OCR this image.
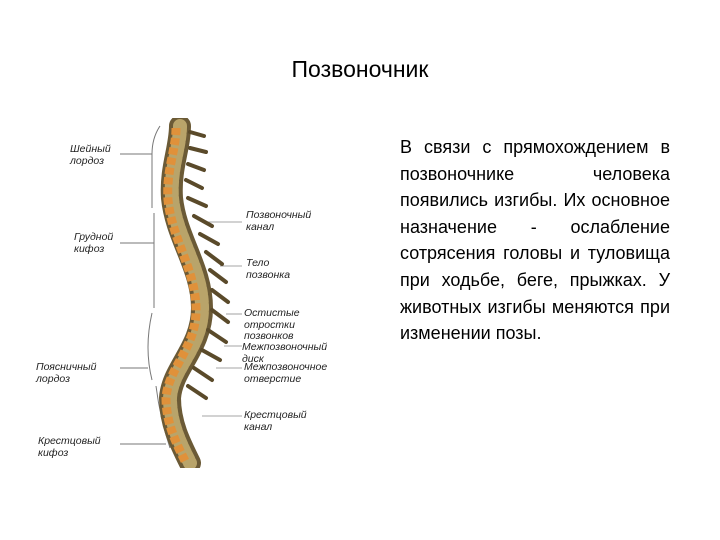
Позвоночник

Шейный
лордоз

Грудной
кифоз

Поясничный
лордоз

Крестцовый
кифоз

Позвоночный
канал

Тело
позвонка

Остистые
отростки
позвонков

Межпозвоночный
диск

Межпозвоночное
отверстие

Крестцовый
канал

В связи с прямохождением в позвоночнике человека появились изгибы. Их основное назначение - ослабление сотрясения головы и туловища при ходьбе, беге, прыжках. У животных изгибы меняются при изменении позы.
